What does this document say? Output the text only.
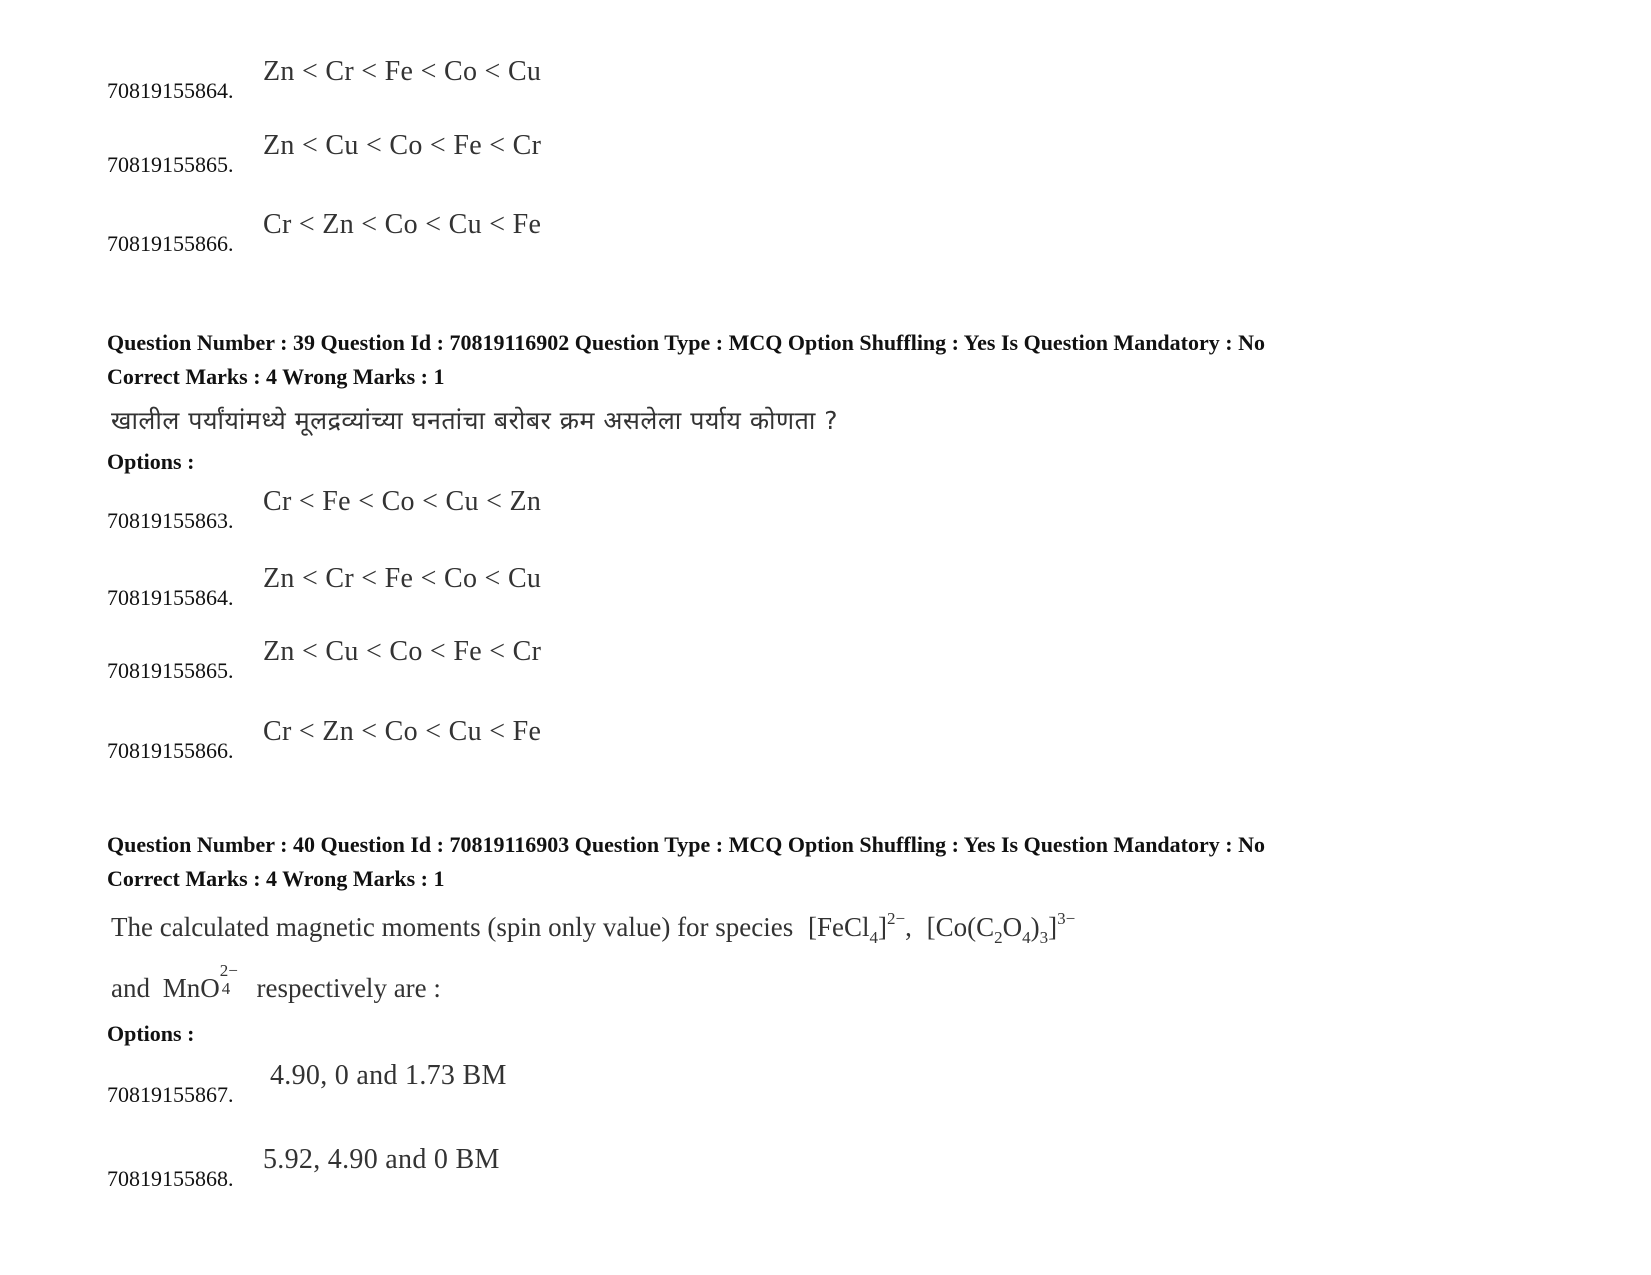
70819155864.
Zn < Cr < Fe < Co < Cu
70819155865.
Zn < Cu < Co < Fe < Cr
70819155866.
Cr < Zn < Co < Cu < Fe
Question Number : 39 Question Id : 70819116902 Question Type : MCQ Option Shuffling : Yes Is Question Mandatory : No
Correct Marks : 4 Wrong Marks : 1
खालील पर्यांयांमध्ये मूलद्रव्यांच्या घनतांचा बरोबर क्रम असलेला पर्याय कोणता ?
Options :
70819155863.
Cr < Fe < Co < Cu < Zn
70819155864.
Zn < Cr < Fe < Co < Cu
70819155865.
Zn < Cu < Co < Fe < Cr
70819155866.
Cr < Zn < Co < Cu < Fe
Question Number : 40 Question Id : 70819116903 Question Type : MCQ Option Shuffling : Yes Is Question Mandatory : No
Correct Marks : 4 Wrong Marks : 1
The calculated magnetic moments (spin only value) for species [FeCl$_4$]$^{2-}$, $[Co(C_2O_4)_3]^{3-}$
and MnO
2−
4 respectively are :
Options :
70819155867.
4.90, 0 and 1.73 BM
70819155868.
5.92, 4.90 and 0 BM
